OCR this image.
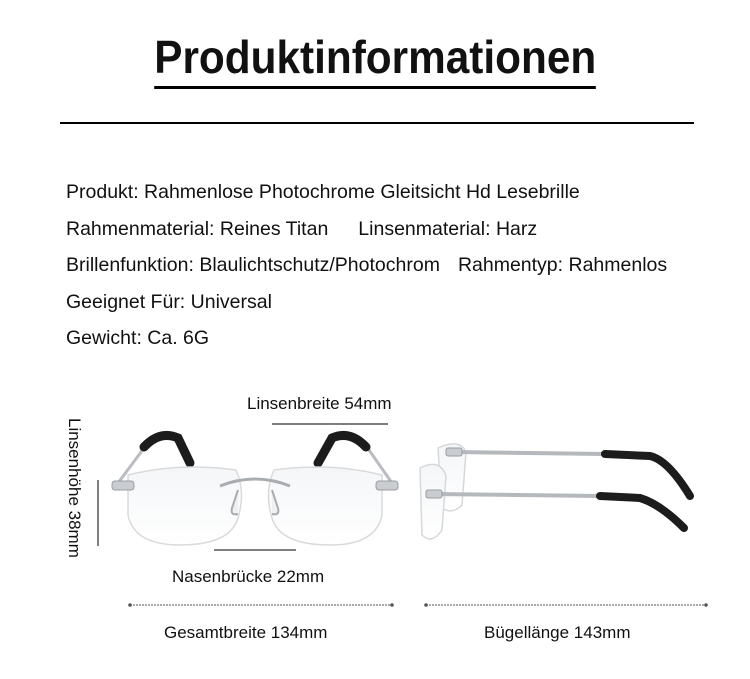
Produktinformationen
Produkt: Rahmenlose Photochrome Gleitsicht Hd Lesebrille
Rahmenmaterial: Reines Titan Linsenmaterial: Harz
Brillenfunktion: Blaulichtschutz/Photochrom Rahmentyp: Rahmenlos
Geeignet Für: Universal
Gewicht: Ca. 6G
Linsenbreite 54mm
Linsenhöhe 38mm
Nasenbrücke 22mm
Gesamtbreite 134mm	Bügellänge 143mm
